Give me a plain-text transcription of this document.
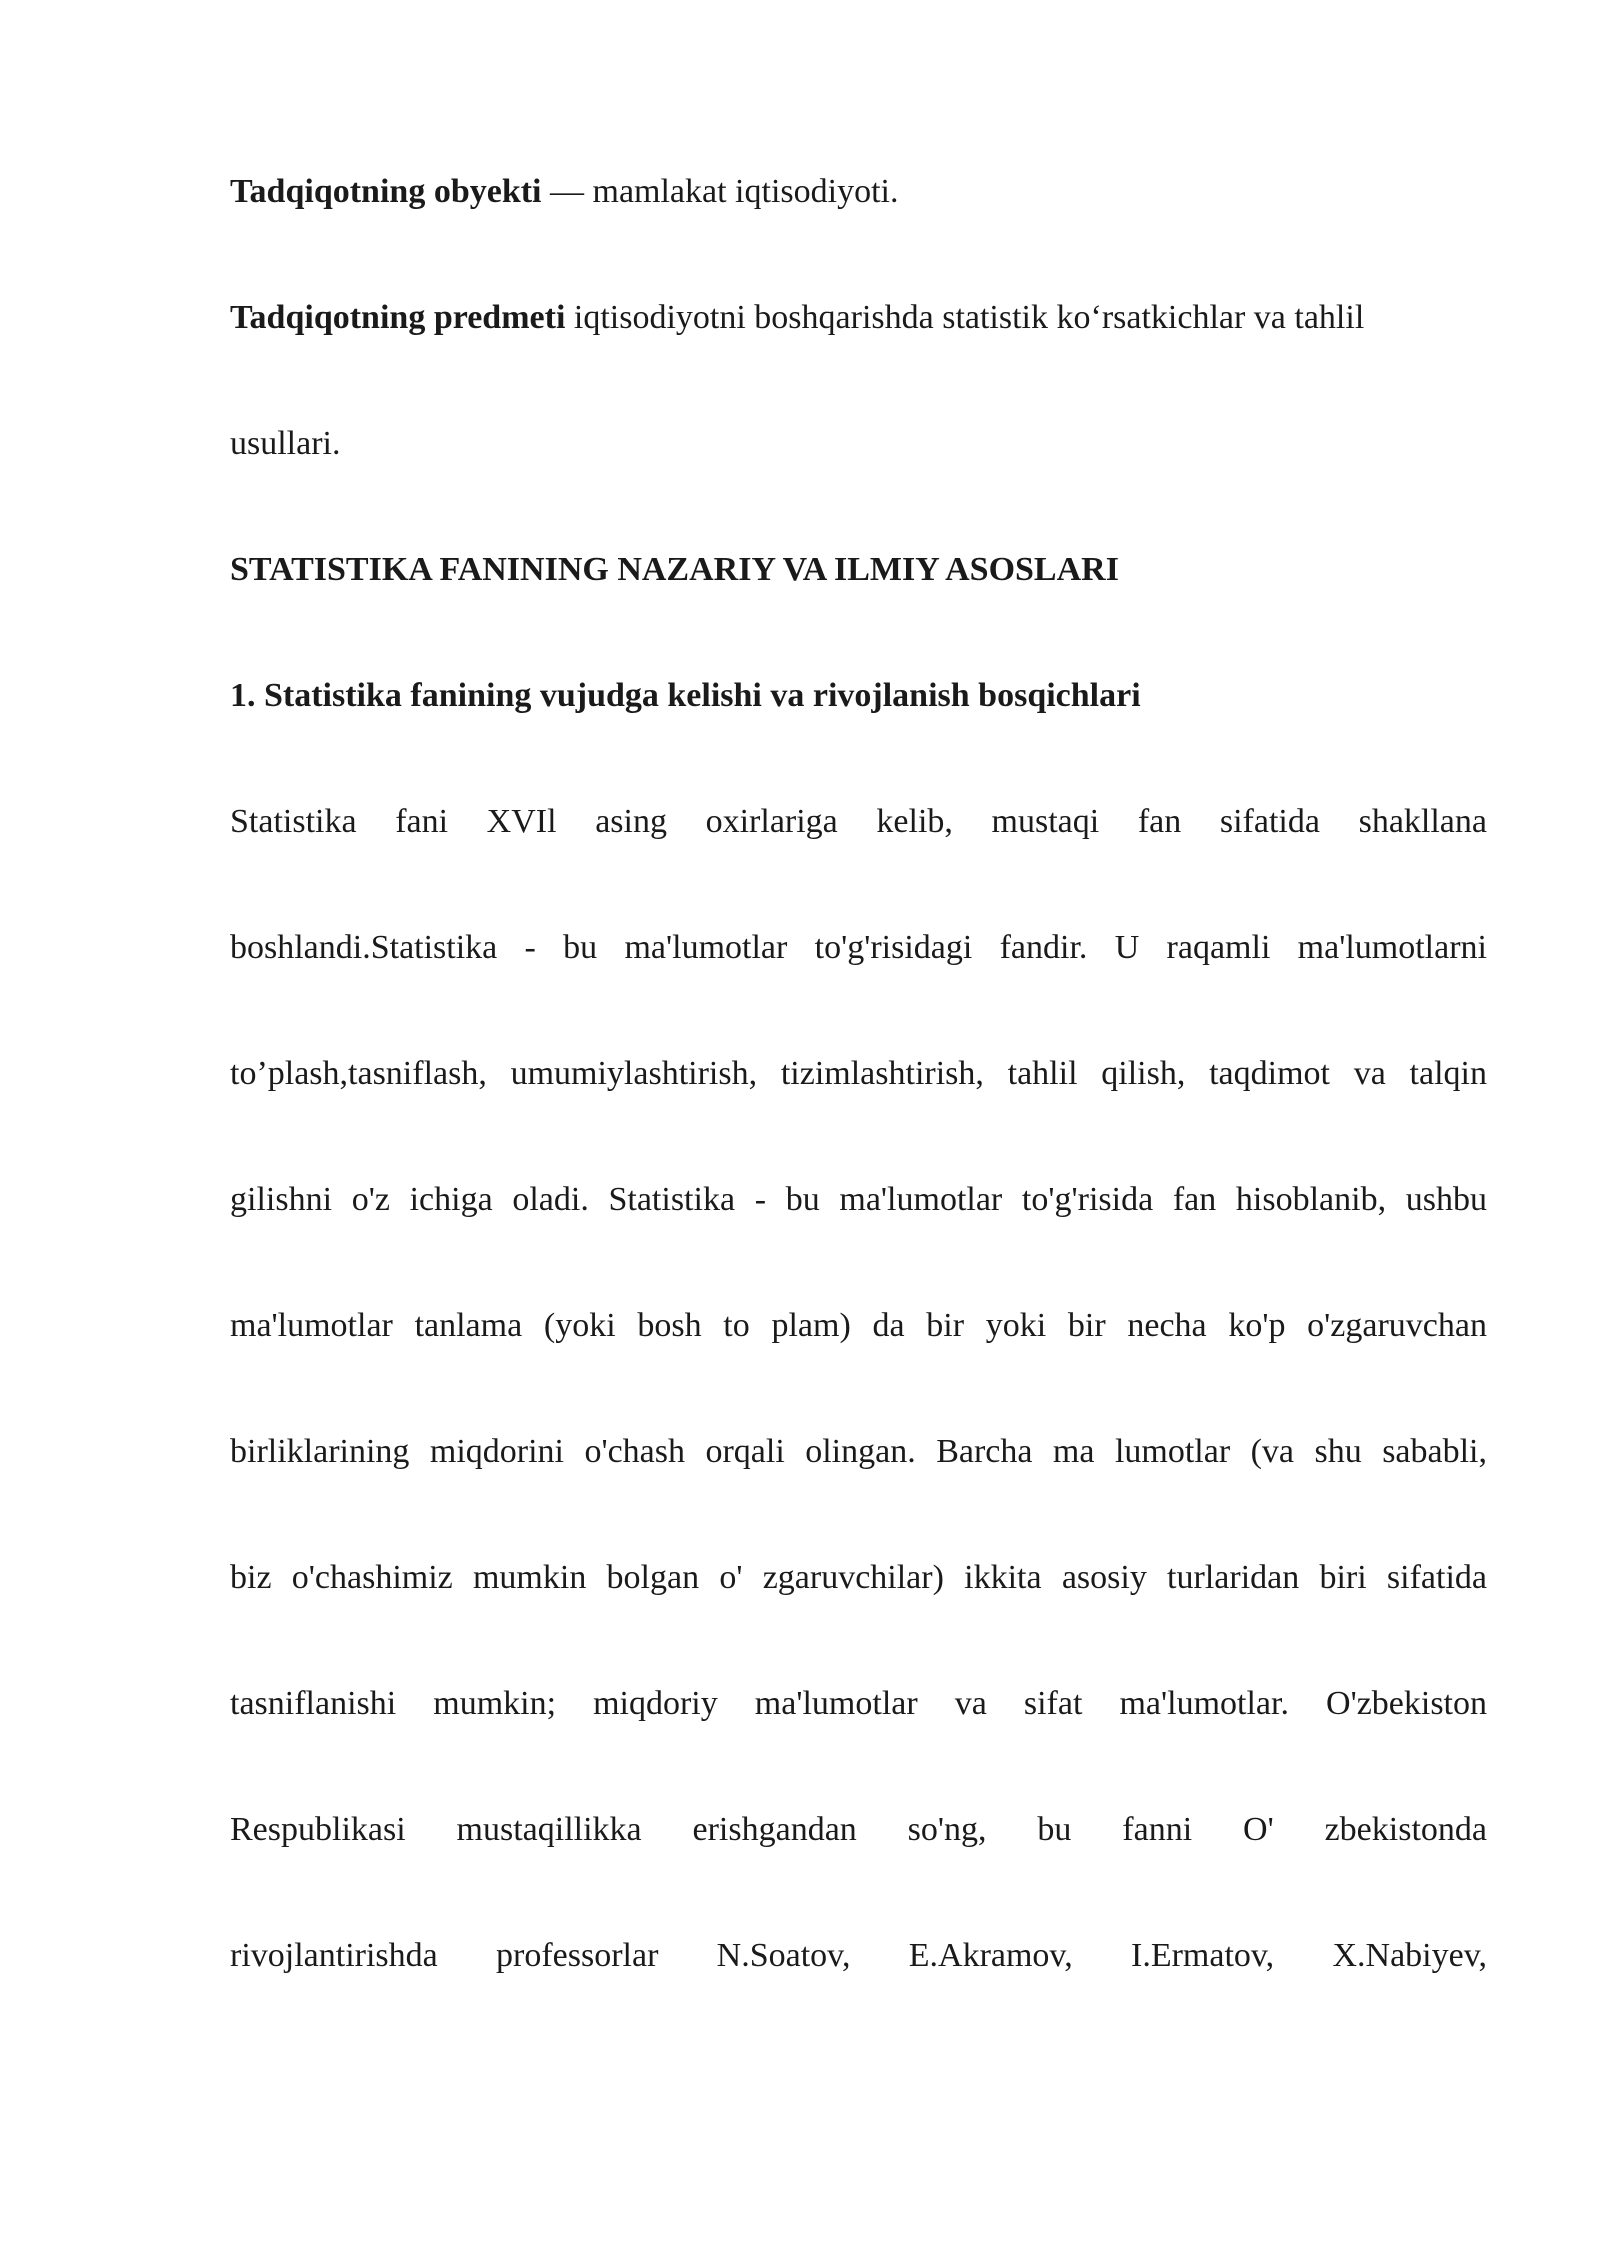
Tadqiqotning obyekti — mamlakat iqtisodiyoti.
Tadqiqotning predmeti iqtisodiyotni boshqarishda statistik koʻrsatkichlar va tahlil
usullari.
STATISTIKA FANINING NAZARIY VA ILMIY ASOSLARI
1. Statistika fanining vujudga kelishi va rivojlanish bosqichlari
Statistika fani XVIl asing oxirlariga kelib, mustaqi fan sifatida shakllana
boshlandi.Statistika - bu ma'lumotlar to'g'risidagi fandir. U raqamli ma'lumotlarni
to’plash,tasniflash, umumiylashtirish, tizimlashtirish, tahlil qilish, taqdimot va talqin
gilishni o'z ichiga oladi. Statistika - bu ma'lumotlar to'g'risida fan hisoblanib, ushbu
ma'lumotlar tanlama (yoki bosh to plam) da bir yoki bir necha ko'p o'zgaruvchan
birliklarining miqdorini o'chash orqali olingan. Barcha ma lumotlar (va shu sababli,
biz o'chashimiz mumkin bolgan o' zgaruvchilar) ikkita asosiy turlaridan biri sifatida
tasniflanishi mumkin; miqdoriy ma'lumotlar va sifat ma'lumotlar. O'zbekiston
Respublikasi mustaqillikka erishgandan so'ng, bu fanni O' zbekistonda
rivojlantirishda professorlar N.Soatov, E.Akramov, I.Ermatov, X.Nabiyev,
